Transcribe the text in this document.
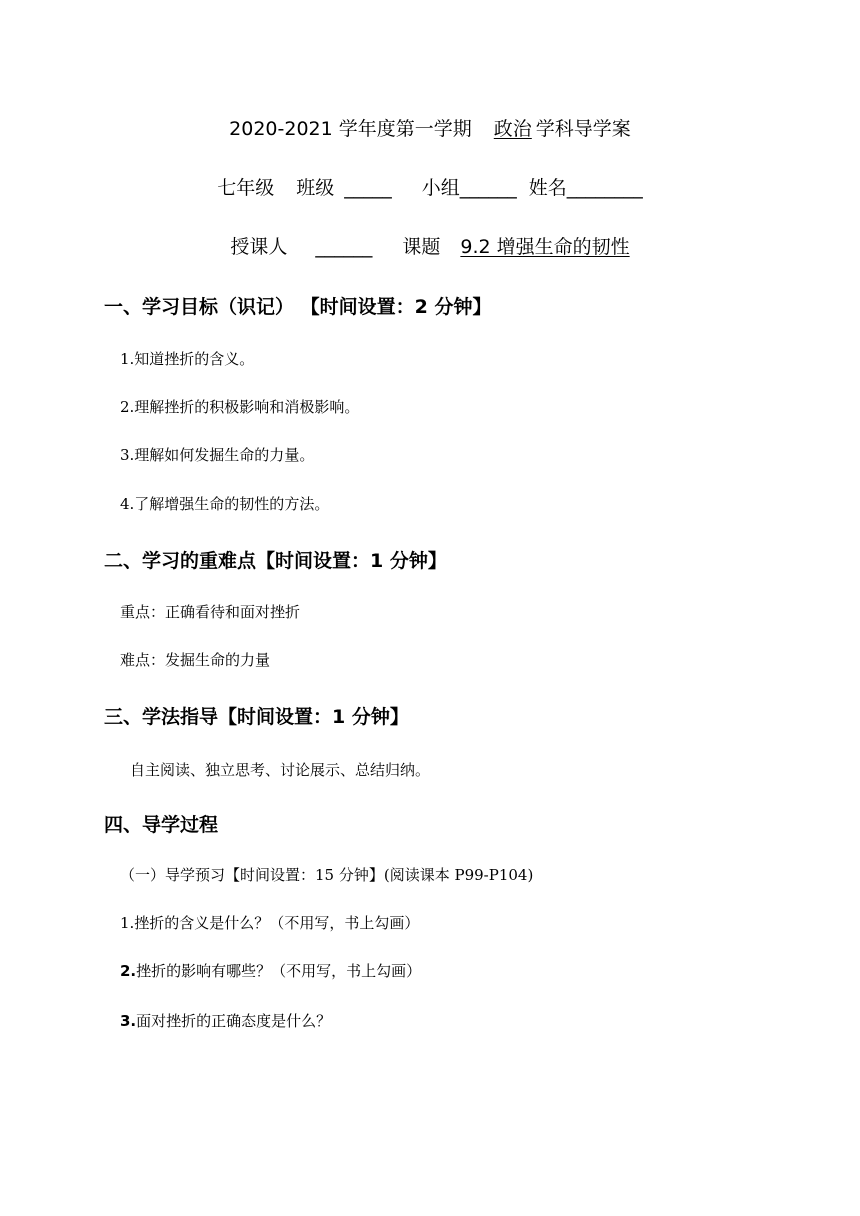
2020-2021 学年度第一学期 政治 学科导学案
七年级 班级 _____ 小组______ 姓名________
授课人 ______ 课题 9.2 增强生命的韧性
一、学习目标（识记） 【时间设置：2 分钟】
1.知道挫折的含义。
2.理解挫折的积极影响和消极影响。
3.理解如何发掘生命的力量。
4.了解增强生命的韧性的方法。
二、学习的重难点【时间设置：1 分钟】
重点：正确看待和面对挫折
难点：发掘生命的力量
三、学法指导【时间设置：1 分钟】
自主阅读、独立思考、讨论展示、总结归纳。
四、导学过程
（一）导学预习【时间设置：15 分钟】(阅读课本 P99-P104)
1.挫折的含义是什么？（不用写，书上勾画）
2.挫折的影响有哪些？（不用写，书上勾画）
3.面对挫折的正确态度是什么？
